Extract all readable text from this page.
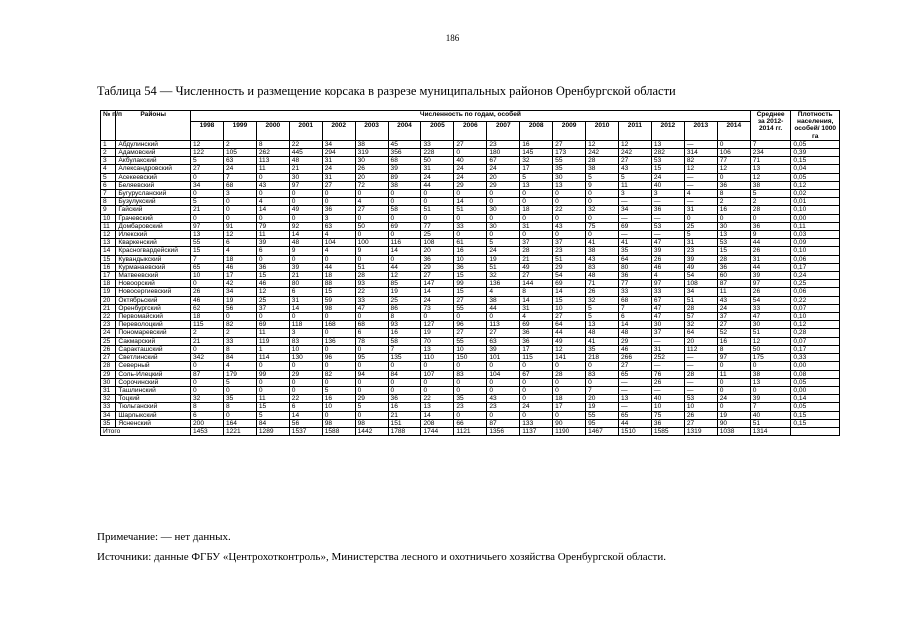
186
Таблица 54 — Численность и размещение корсака в разрезе муниципальных районов Оренбургской области
№ п/п	Районы	Численность по годам, особей																	Среднее за 2012-2014 гг.	Плотность населения, особей/ 1000 га
		1998	1999	2000	2001	2002	2003	2004	2005	2006	2007	2008	2009	2010	2011	2012	2013	2014		
1	Абдулинский	12	2	8	22	34	38	45	33	27	23	16	27	12	12	13	—	0	7	0,05
2	Адамовский	122	105	262	445	294	319	356	228	0	180	145	173	242	242	282	314	106	234	0,39
3	Акбулакский	5	63	113	48	31	30	68	50	40	67	32	55	28	27	53	82	77	71	0,15
4	Александровский	27	24	11	21	24	26	39	31	24	24	17	35	38	43	15	12	12	13	0,04
5	Асекеевский	0	7	0	30	31	20	89	24	24	20	5	30	5	5	24	—	0	12	0,05
6	Беляевский	34	68	43	97	27	72	38	44	29	29	13	13	9	11	40	—	36	38	0,12
7	Бугурусланский	0	3	0	0	0	0	0	0	0	0	0	0	0	3	3	4	8	5	0,02
8	Бузулукский	5	0	4	0	0	4	0	0	14	0	0	0	0	—	—	—	2	2	0,01
9	Гайский	21	0	14	49	36	27	58	51	51	30	18	22	32	34	36	31	16	28	0,10
10	Грачевский	0	0	0	0	3	0	0	0	0	0	0	0	0	—	—	0	0	0	0,00
11	Домбаровский	97	91	79	92	63	50	69	77	33	30	31	43	75	69	53	25	30	36	0,11
12	Илекский	13	12	11	14	4	0	0	25	0	0	0	0	0	—	—	5	13	9	0,03
13	Кваркенский	55	6	39	48	104	100	116	108	61	5	37	37	41	41	47	31	53	44	0,09
14	Красногвардейский	15	4	6	9	4	9	14	20	16	24	28	23	38	35	39	23	15	26	0,10
15	Кувандыкский	7	18	0	0	0	0	0	36	10	19	21	51	43	64	26	39	28	31	0,06
16	Курманаевский	65	46	36	39	44	51	44	29	36	51	49	29	83	80	46	49	36	44	0,17
17	Матвеевский	10	17	15	21	18	28	12	27	15	32	27	54	48	36	4	54	60	39	0,24
18	Новоорский	0	42	46	80	88	93	85	147	99	136	144	69	71	77	97	108	87	97	0,25
19	Новосергиевский	26	34	12	6	15	22	19	14	15	4	8	14	26	33	33	34	11	26	0,06
20	Октябрьский	46	19	25	31	59	33	25	24	27	38	14	15	32	68	67	51	43	54	0,22
21	Оренбургский	62	56	37	14	98	47	86	73	55	44	31	10	5	7	47	28	24	33	0,07
22	Первомайский	18	0	0	0	0	0	8	0	0	0	4	27	5	6	47	57	37	47	0,10
23	Переволоцкий	115	82	69	118	168	68	93	127	96	113	69	64	13	14	30	32	27	30	0,12
24	Пономаревский	2	2	11	3	0	6	16	19	27	27	36	44	48	48	37	64	52	51	0,28
25	Сакмарский	21	33	119	83	136	78	58	70	55	63	36	49	41	29	—	20	16	12	0,07
26	Саракташский	0	8	1	10	0	0	7	13	10	39	17	12	35	46	31	112	8	50	0,17
27	Светлинский	342	84	114	130	96	95	135	110	150	101	115	141	218	266	252	—	97	175	0,33
28	Северный	0	4	0	0	0	0	0	0	0	0	0	0	0	27	—	—	0	0	0,00
29	Соль-Илецкий	87	179	99	29	82	94	84	107	83	104	67	28	83	65	76	28	11	38	0,08
30	Сорочинский	0	5	0	0	0	0	0	0	0	0	0	0	0	—	26	—	0	13	0,05
31	Ташлинский	0	0	0	0	5	0	0	0	0	0	0	0	7	—	—	—	0	0	0,00
32	Тоцкий	32	35	11	22	16	29	36	22	35	43	0	18	20	13	40	53	24	39	0,14
33	Тюльганский	8	8	15	6	10	5	16	13	23	23	24	17	19	—	10	10	0	7	0,05
34	Шарлыкский	6	0	5	14	0	0	21	14	0	0	0	0	55	65	75	26	19	40	0,15
35	Ясненский	200	164	84	56	98	98	151	208	66	87	133	90	95	44	36	27	90	51	0,15
Итого		1453	1221	1289	1537	1588	1442	1788	1744	1121	1356	1137	1190	1467	1510	1585	1319	1038	1314	
Примечание: — нет данных.
Источники: данные ФГБУ «Центрохотконтроль», Министерства лесного и охотничьего хозяйства Оренбургской области.
